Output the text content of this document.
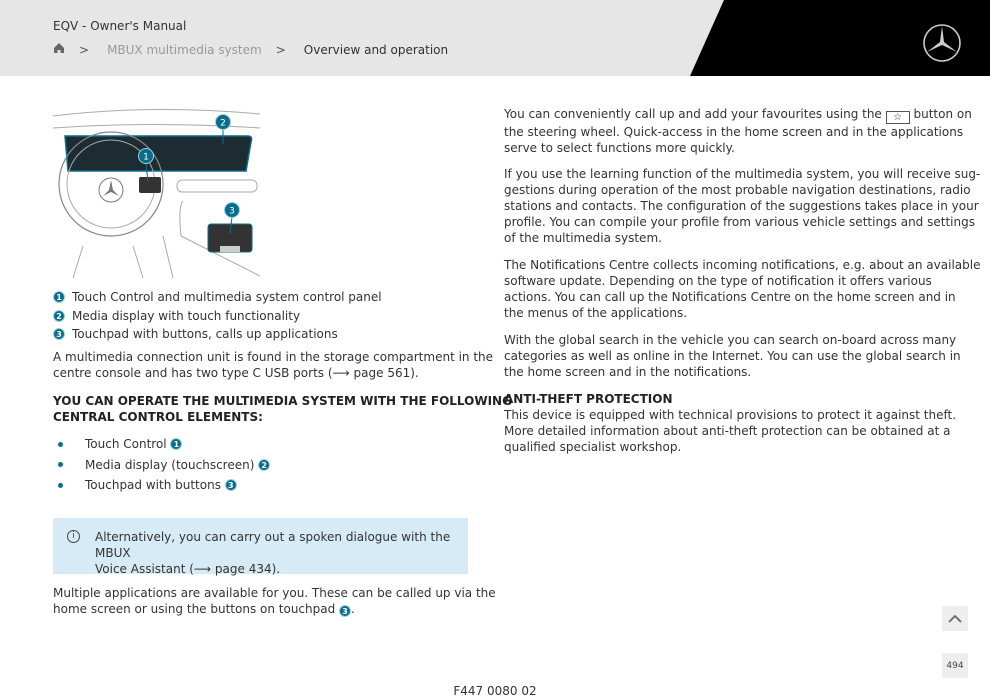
EQV - Owner's Manual
> MBUX multimedia system > Overview and operation
2
1
3
1 Touch Control and multimedia system control panel
2 Media display with touch functionality
3 Touchpad with buttons, calls up applications
A multimedia connection unit is found in the storage compartment in the
centre console and has two type C USB ports (⟶ page 561).
YOU CAN OPERATE THE MULTIMEDIA SYSTEM WITH THE FOLLOWING
CENTRAL CONTROL ELEMENTS:
Touch Control
1
Media display (touchscreen)
2
Touchpad with buttons
3
i	Alternatively, you can carry out a spoken dialogue with the MBUX
Voice Assistant (⟶ page 434).
Multiple applications are available for you. These can be called up via the
home screen or using the buttons on touchpad 3 .
You can conveniently call up and add your favourites using the ☆ button on
the steering wheel. Quick-access in the home screen and in the applications
serve to select functions more quickly.
If you use the learning function of the multimedia system, you will receive sug-
gestions during operation of the most probable navigation destinations, radio
stations and contacts. The configuration of the suggestions takes place in your
profile. You can compile your profile from various vehicle settings and settings
of the multimedia system.
The Notifications Centre collects incoming notifications, e.g. about an available
software update. Depending on the type of notification it offers various
actions. You can call up the Notifications Centre on the home screen and in
the menus of the applications.
With the global search in the vehicle you can search on-board across many
categories as well as online in the Internet. You can use the global search in
the home screen and in the notifications.
ANTI-THEFT PROTECTION
This device is equipped with technical provisions to protect it against theft.
More detailed information about anti-theft protection can be obtained at a
qualified specialist workshop.
494
F447 0080 02
